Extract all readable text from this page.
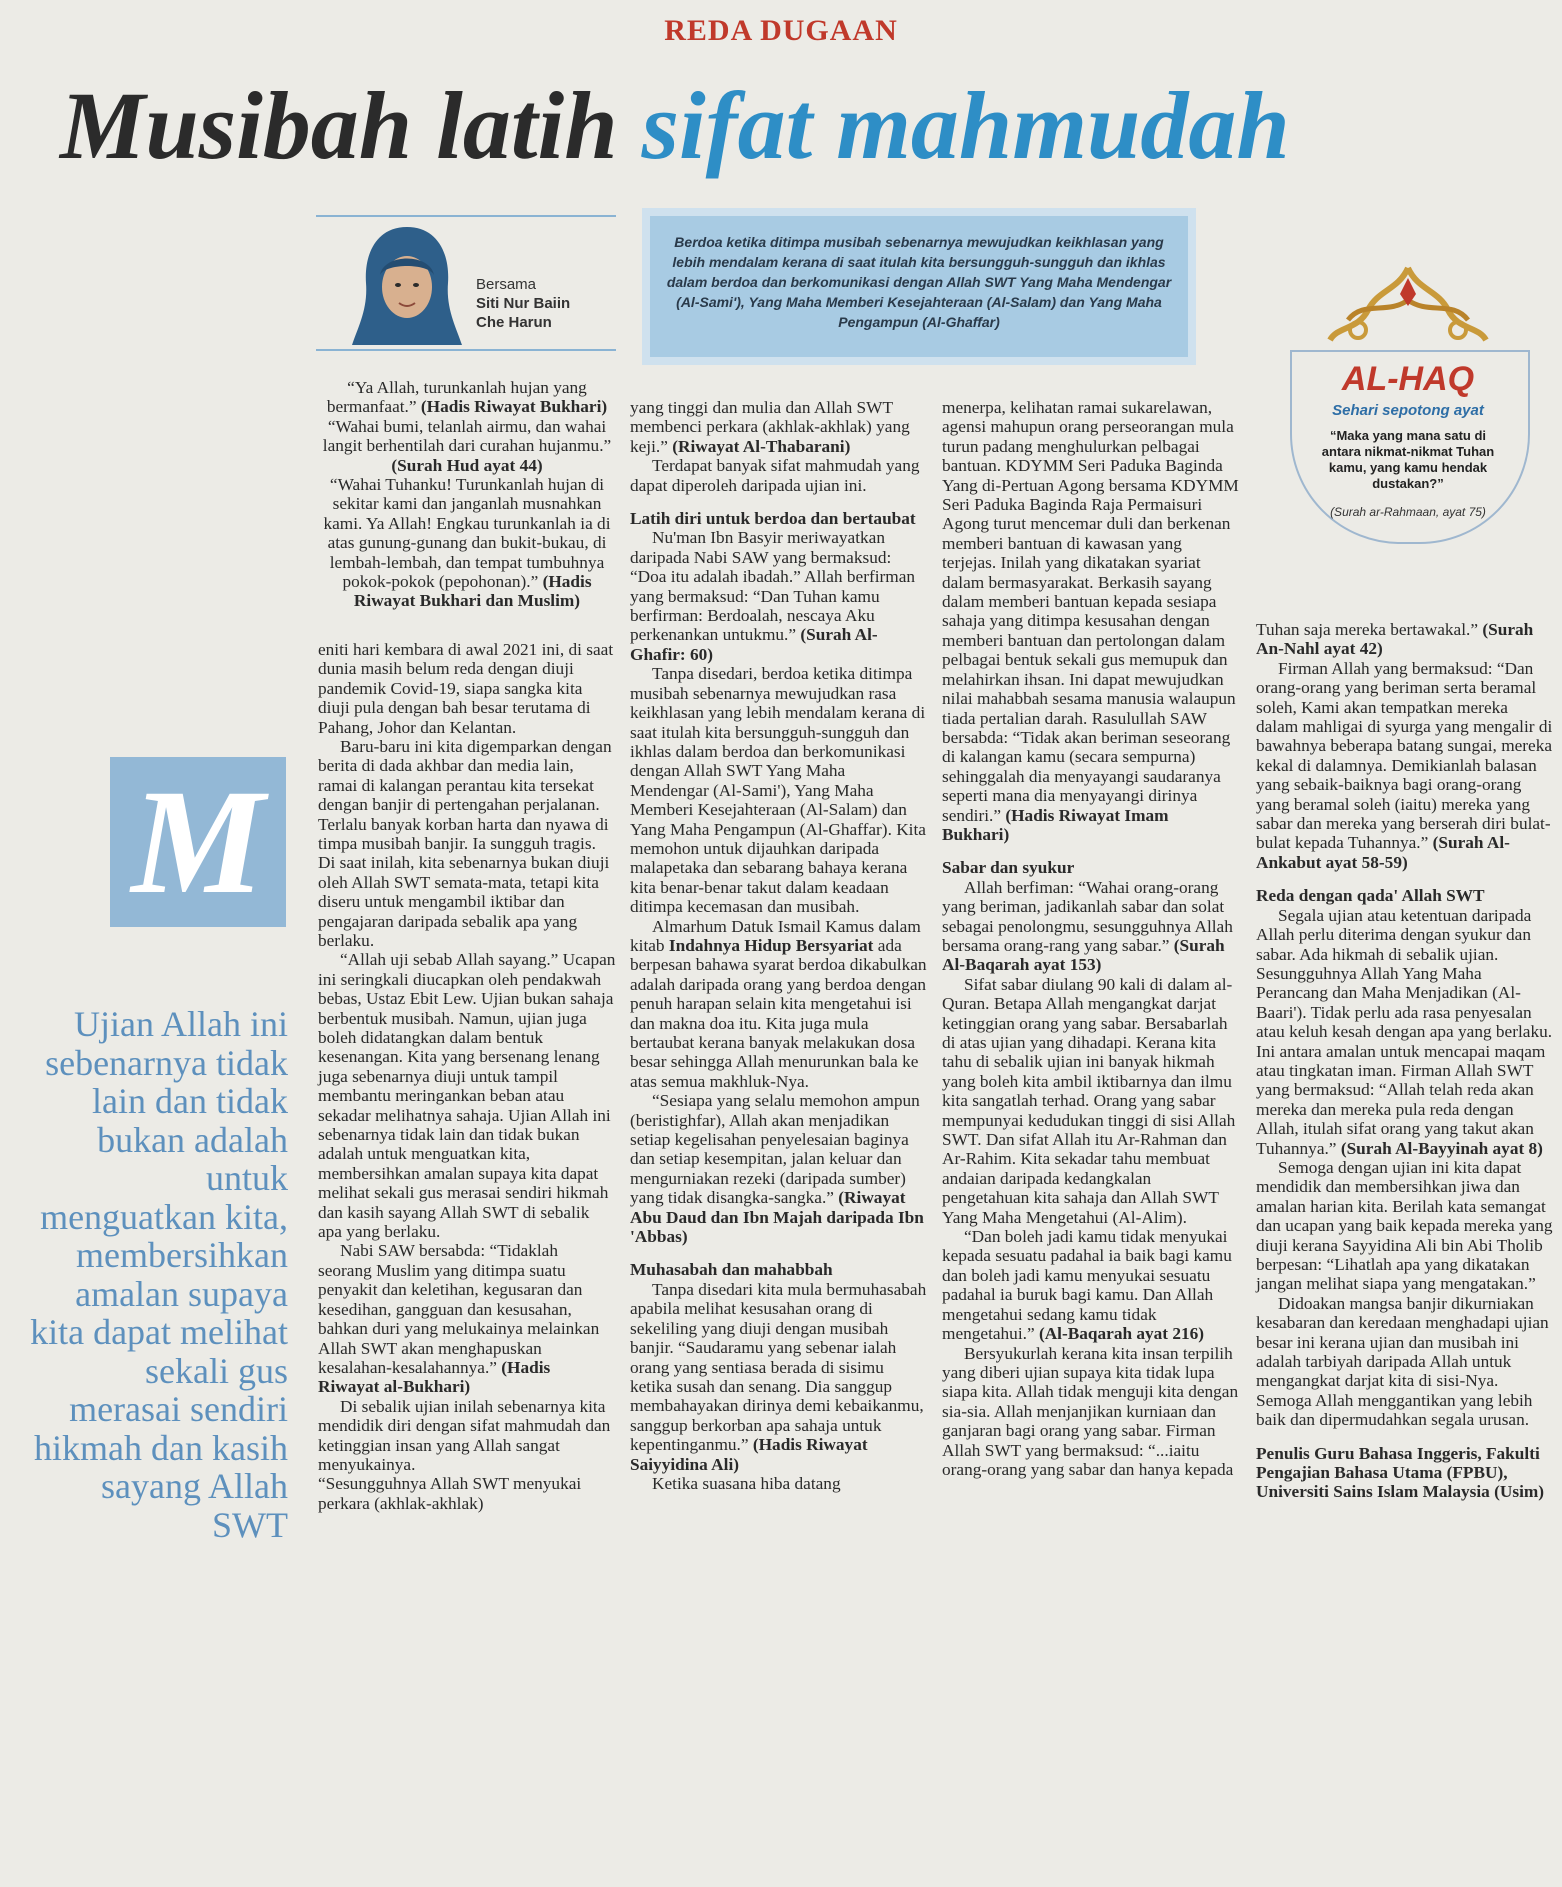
REDA DUGAAN
Musibah latih sifat mahmudah
Bersama
Siti Nur Baiin
Che Harun
Berdoa ketika ditimpa musibah sebenarnya mewujudkan keikhlasan yang lebih mendalam kerana di saat itulah kita bersungguh-sungguh dan ikhlas dalam berdoa dan berkomunikasi dengan Allah SWT Yang Maha Mendengar (Al-Sami'), Yang Maha Memberi Kesejahteraan (Al-Salam) dan Yang Maha Pengampun (Al-Ghaffar)
AL-HAQ
Sehari sepotong ayat
“Maka yang mana satu di antara nikmat-nikmat Tuhan kamu, yang kamu hendak dustakan?”
(Surah ar-Rahmaan, ayat 75)
M
Ujian Allah ini sebenarnya tidak lain dan tidak bukan adalah untuk menguatkan kita, membersihkan amalan supaya kita dapat melihat sekali gus merasai sendiri hikmah dan kasih sayang Allah SWT

“Ya Allah, turunkanlah hujan yang bermanfaat.” (Hadis Riwayat Bukhari)

“Wahai bumi, telanlah airmu, dan wahai langit berhentilah dari curahan hujanmu.” (Surah Hud ayat 44)

“Wahai Tuhanku! Turunkanlah hujan di sekitar kami dan janganlah musnahkan kami. Ya Allah! Engkau turunkanlah ia di atas gunung-gunang dan bukit-bukau, di lembah-lembah, dan tempat tumbuhnya pokok-pokok (pepohonan).” (Hadis Riwayat Bukhari dan Muslim)

eniti hari kembara di awal 2021 ini, di saat dunia masih belum reda dengan diuji pandemik Covid-19, siapa sangka kita diuji pula dengan bah besar terutama di Pahang, Johor dan Kelantan.

Baru-baru ini kita digemparkan dengan berita di dada akhbar dan media lain, ramai di kalangan perantau kita tersekat dengan banjir di pertengahan perjalanan. Terlalu banyak korban harta dan nyawa di timpa musibah banjir. Ia sungguh tragis. Di saat inilah, kita sebenarnya bukan diuji oleh Allah SWT semata-mata, tetapi kita diseru untuk mengambil iktibar dan pengajaran daripada sebalik apa yang berlaku.

“Allah uji sebab Allah sayang.” Ucapan ini seringkali diucapkan oleh pendakwah bebas, Ustaz Ebit Lew. Ujian bukan sahaja berbentuk musibah. Namun, ujian juga boleh didatangkan dalam bentuk kesenangan. Kita yang bersenang lenang juga sebenarnya diuji untuk tampil membantu meringankan beban atau sekadar melihatnya sahaja. Ujian Allah ini sebenarnya tidak lain dan tidak bukan adalah untuk menguatkan kita, membersihkan amalan supaya kita dapat melihat sekali gus merasai sendiri hikmah dan kasih sayang Allah SWT di sebalik apa yang berlaku.

Nabi SAW bersabda: “Tidaklah seorang Muslim yang ditimpa suatu penyakit dan keletihan, kegusaran dan kesedihan, gangguan dan kesusahan, bahkan duri yang melukainya melainkan Allah SWT akan menghapuskan kesalahan-kesalahannya.” (Hadis Riwayat al-Bukhari)

Di sebalik ujian inilah sebenarnya kita mendidik diri dengan sifat mahmudah dan ketinggian insan yang Allah sangat menyukainya.

“Sesungguhnya Allah SWT menyukai perkara (akhlak-akhlak)

yang tinggi dan mulia dan Allah SWT membenci perkara (akhlak-akhlak) yang keji.” (Riwayat Al-Thabarani)

Terdapat banyak sifat mahmudah yang dapat diperoleh daripada ujian ini.

Latih diri untuk berdoa dan bertaubat

Nu'man Ibn Basyir meriwayatkan daripada Nabi SAW yang bermaksud: “Doa itu adalah ibadah.” Allah berfirman yang bermaksud: “Dan Tuhan kamu berfirman: Berdoalah, nescaya Aku perkenankan untukmu.” (Surah Al-Ghafir: 60)

Tanpa disedari, berdoa ketika ditimpa musibah sebenarnya mewujudkan rasa keikhlasan yang lebih mendalam kerana di saat itulah kita bersungguh-sungguh dan ikhlas dalam berdoa dan berkomunikasi dengan Allah SWT Yang Maha Mendengar (Al-Sami'), Yang Maha Memberi Kesejahteraan (Al-Salam) dan Yang Maha Pengampun (Al-Ghaffar). Kita memohon untuk dijauhkan daripada malapetaka dan sebarang bahaya kerana kita benar-benar takut dalam keadaan ditimpa kecemasan dan musibah.

Almarhum Datuk Ismail Kamus dalam kitab Indahnya Hidup Bersyariat ada berpesan bahawa syarat berdoa dikabulkan adalah daripada orang yang berdoa dengan penuh harapan selain kita mengetahui isi dan makna doa itu. Kita juga mula bertaubat kerana banyak melakukan dosa besar sehingga Allah menurunkan bala ke atas semua makhluk-Nya.

“Sesiapa yang selalu memohon ampun (beristighfar), Allah akan menjadikan setiap kegelisahan penyelesaian baginya dan setiap kesempitan, jalan keluar dan mengurniakan rezeki (daripada sumber) yang tidak disangka-sangka.” (Riwayat Abu Daud dan Ibn Majah daripada Ibn 'Abbas)

Muhasabah dan mahabbah

Tanpa disedari kita mula bermuhasabah apabila melihat kesusahan orang di sekeliling yang diuji dengan musibah banjir. “Saudaramu yang sebenar ialah orang yang sentiasa berada di sisimu ketika susah dan senang. Dia sanggup membahayakan dirinya demi kebaikanmu, sanggup berkorban apa sahaja untuk kepentinganmu.” (Hadis Riwayat Saiyyidina Ali)

Ketika suasana hiba datang

menerpa, kelihatan ramai sukarelawan, agensi mahupun orang perseorangan mula turun padang menghulurkan pelbagai bantuan. KDYMM Seri Paduka Baginda Yang di-Pertuan Agong bersama KDYMM Seri Paduka Baginda Raja Permaisuri Agong turut mencemar duli dan berkenan memberi bantuan di kawasan yang terjejas. Inilah yang dikatakan syariat dalam bermasyarakat. Berkasih sayang dalam memberi bantuan kepada sesiapa sahaja yang ditimpa kesusahan dengan memberi bantuan dan pertolongan dalam pelbagai bentuk sekali gus memupuk dan melahirkan ihsan. Ini dapat mewujudkan nilai mahabbah sesama manusia walaupun tiada pertalian darah. Rasulullah SAW bersabda: “Tidak akan beriman seseorang di kalangan kamu (secara sempurna) sehinggalah dia menyayangi saudaranya seperti mana dia menyayangi dirinya sendiri.” (Hadis Riwayat Imam Bukhari)

Sabar dan syukur

Allah berfiman: “Wahai orang-orang yang beriman, jadikanlah sabar dan solat sebagai penolongmu, sesungguhnya Allah bersama orang-rang yang sabar.” (Surah Al-Baqarah ayat 153)

Sifat sabar diulang 90 kali di dalam al-Quran. Betapa Allah mengangkat darjat ketinggian orang yang sabar. Bersabarlah di atas ujian yang dihadapi. Kerana kita tahu di sebalik ujian ini banyak hikmah yang boleh kita ambil iktibarnya dan ilmu kita sangatlah terhad. Orang yang sabar mempunyai kedudukan tinggi di sisi Allah SWT. Dan sifat Allah itu Ar-Rahman dan Ar-Rahim. Kita sekadar tahu membuat andaian daripada kedangkalan pengetahuan kita sahaja dan Allah SWT Yang Maha Mengetahui (Al-Alim).

“Dan boleh jadi kamu tidak menyukai kepada sesuatu padahal ia baik bagi kamu dan boleh jadi kamu menyukai sesuatu padahal ia buruk bagi kamu. Dan Allah mengetahui sedang kamu tidak mengetahui.” (Al-Baqarah ayat 216)

Bersyukurlah kerana kita insan terpilih yang diberi ujian supaya kita tidak lupa siapa kita. Allah tidak menguji kita dengan sia-sia. Allah menjanjikan kurniaan dan ganjaran bagi orang yang sabar. Firman Allah SWT yang bermaksud: “...iaitu orang-orang yang sabar dan hanya kepada

Tuhan saja mereka bertawakal.” (Surah An-Nahl ayat 42)

Firman Allah yang bermaksud: “Dan orang-orang yang beriman serta beramal soleh, Kami akan tempatkan mereka dalam mahligai di syurga yang mengalir di bawahnya beberapa batang sungai, mereka kekal di dalamnya. Demikianlah balasan yang sebaik-baiknya bagi orang-orang yang beramal soleh (iaitu) mereka yang sabar dan mereka yang berserah diri bulat-bulat kepada Tuhannya.” (Surah Al-Ankabut ayat 58-59)

Reda dengan qada' Allah SWT

Segala ujian atau ketentuan daripada Allah perlu diterima dengan syukur dan sabar. Ada hikmah di sebalik ujian. Sesungguhnya Allah Yang Maha Perancang dan Maha Menjadikan (Al-Baari'). Tidak perlu ada rasa penyesalan atau keluh kesah dengan apa yang berlaku. Ini antara amalan untuk mencapai maqam atau tingkatan iman. Firman Allah SWT yang bermaksud: “Allah telah reda akan mereka dan mereka pula reda dengan Allah, itulah sifat orang yang takut akan Tuhannya.” (Surah Al-Bayyinah ayat 8)

Semoga dengan ujian ini kita dapat mendidik dan membersihkan jiwa dan amalan harian kita. Berilah kata semangat dan ucapan yang baik kepada mereka yang diuji kerana Sayyidina Ali bin Abi Tholib berpesan: “Lihatlah apa yang dikatakan jangan melihat siapa yang mengatakan.”

Didoakan mangsa banjir dikurniakan kesabaran dan keredaan menghadapi ujian besar ini kerana ujian dan musibah ini adalah tarbiyah daripada Allah untuk mengangkat darjat kita di sisi-Nya. Semoga Allah menggantikan yang lebih baik dan dipermudahkan segala urusan.

Penulis Guru Bahasa Inggeris, Fakulti Pengajian Bahasa Utama (FPBU), Universiti Sains Islam Malaysia (Usim)
